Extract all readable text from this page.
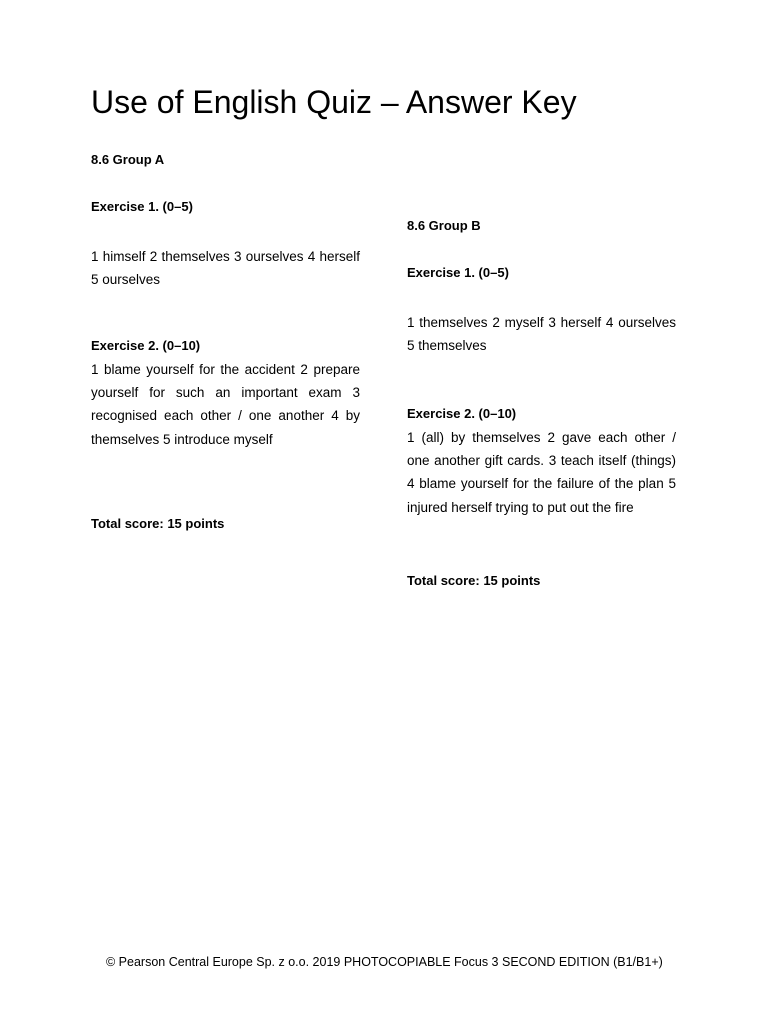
Use of English Quiz – Answer Key

8.6 Group A

Exercise 1. (0–5)

1 himself 2 themselves 3 ourselves 4 herself 5 ourselves

Exercise 2. (0–10)

1 blame yourself for the accident 2 prepare yourself for such an important exam 3 recognised each other / one another 4 by themselves 5 introduce myself

Total score: 15 points

8.6 Group B

Exercise 1. (0–5)

1 themselves 2 myself 3 herself 4 ourselves 5 themselves

Exercise 2. (0–10)

1 (all) by themselves 2 gave each other / one another gift cards. 3 teach itself (things) 4 blame yourself for the failure of the plan 5 injured herself trying to put out the fire

Total score: 15 points

© Pearson Central Europe Sp. z o.o. 2019 PHOTOCOPIABLE Focus 3 SECOND EDITION (B1/B1+)
